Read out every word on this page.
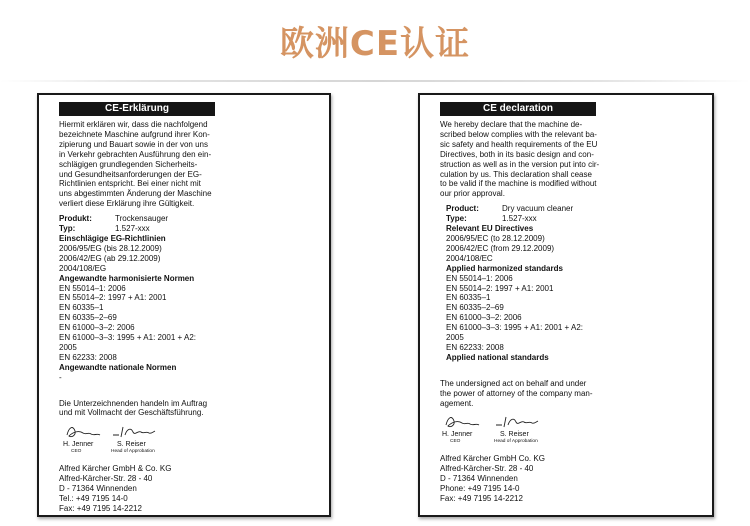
欧洲CE认证
CE-Erklärung
Hiermit erklären wir, dass die nachfolgend
bezeichnete Maschine aufgrund ihrer Kon-
zipierung und Bauart sowie in der von uns
in Verkehr gebrachten Ausführung den ein-
schlägigen grundlegenden Sicherheits-
und Gesundheitsanforderungen der EG-
Richtlinien entspricht. Bei einer nicht mit
uns abgestimmten Änderung der Maschine
verliert diese Erklärung ihre Gültigkeit.
Produkt:	Trockensauger
Typ:	1.527-xxx
Einschlägige EG-Richtlinien
2006/95/EG (bis 28.12.2009)
2006/42/EG (ab 29.12.2009)
2004/108/EG
Angewandte harmonisierte Normen
EN 55014–1: 2006
EN 55014–2: 1997 + A1: 2001
EN 60335–1
EN 60335–2–69
EN 61000–3–2: 2006
EN 61000–3–3: 1995 + A1: 2001 + A2:
2005
EN 62233: 2008
Angewandte nationale Normen
-
Die Unterzeichnenden handeln im Auftrag
und mit Vollmacht der Geschäftsführung.
H. Jenner
CEO
S. Reiser
Head of Approbation
Alfred Kärcher GmbH & Co. KG
Alfred-Kärcher-Str. 28 - 40
D - 71364 Winnenden
Tel.: +49 7195 14-0
Fax: +49 7195 14-2212
CE declaration
We hereby declare that the machine de-
scribed below complies with the relevant ba-
sic safety and health requirements of the EU
Directives, both in its basic design and con-
struction as well as in the version put into cir-
culation by us. This declaration shall cease
to be valid if the machine is modified without
our prior approval.
Product:	Dry vacuum cleaner
Type:	1.527-xxx
Relevant EU Directives
2006/95/EC (to 28.12.2009)
2006/42/EC (from 29.12.2009)
2004/108/EC
Applied harmonized standards
EN 55014–1: 2006
EN 55014–2: 1997 + A1: 2001
EN 60335–1
EN 60335–2–69
EN 61000–3–2: 2006
EN 61000–3–3: 1995 + A1: 2001 + A2:
2005
EN 62233: 2008
Applied national standards
The undersigned act on behalf and under
the power of attorney of the company man-
agement.
H. Jenner
CEO
S. Reiser
Head of Approbation
Alfred Kärcher GmbH Co. KG
Alfred-Kärcher-Str. 28 - 40
D - 71364 Winnenden
Phone: +49 7195 14-0
Fax: +49 7195 14-2212
